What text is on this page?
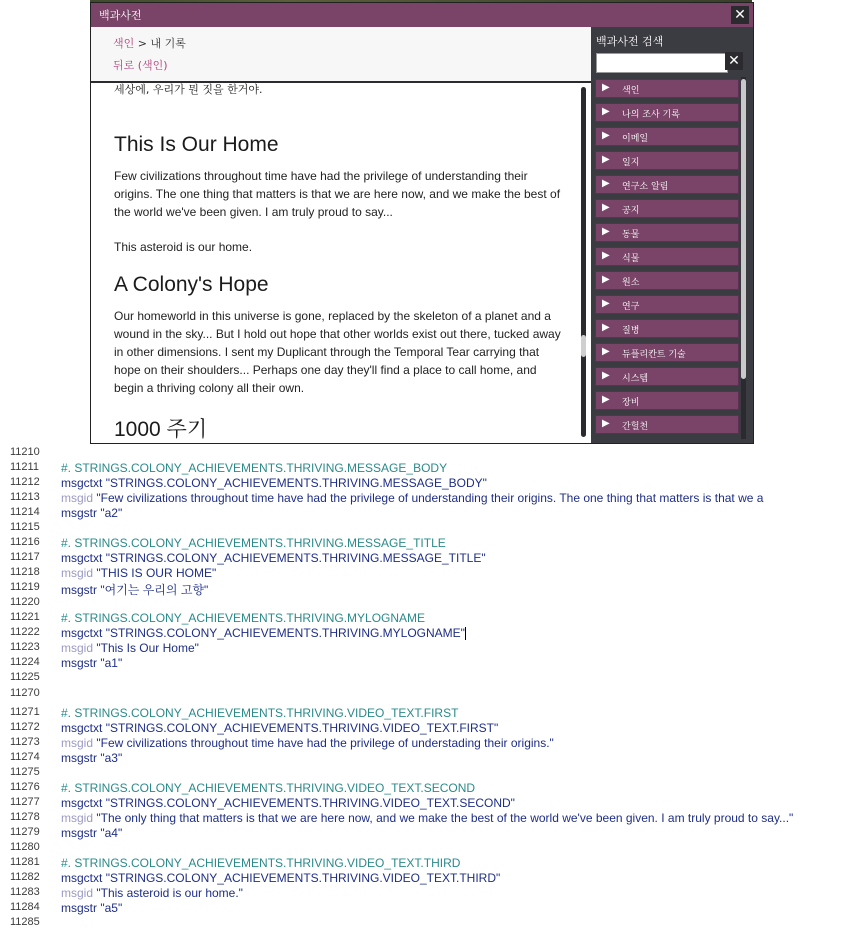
백과사전	✕
색인 > 내 기록
뒤로 (색인)

세상에, 우리가 뭔 짓을 한거야.

This Is Our Home
Few civilizations throughout time have had the privilege of understanding their origins. The one thing that matters is that we are here now, and we make the best of the world we've been given. I am truly proud to say...
This asteroid is our home.
A Colony's Hope
Our homeworld in this universe is gone, replaced by the skeleton of a planet and a wound in the sky... But I hold out hope that other worlds exist out there, tucked away in other dimensions. I sent my Duplicant through the Temporal Tear carrying that hope on their shoulders... Perhaps one day they'll find a place to call home, and begin a thriving colony all their own.
1000 주기
백과사전 검색
✕
▶ 색인
▶ 나의 조사 기록
▶ 이메일
▶ 일지
▶ 연구소 알림
▶ 공지
▶ 동물
▶ 식물
▶ 원소
▶ 연구
▶ 질병
▶ 듀플리칸트 기술
▶ 시스템
▶ 장비
▶ 간헐천
11210
11211	#. STRINGS.COLONY_ACHIEVEMENTS.THRIVING.MESSAGE_BODY
11212	msgctxt "STRINGS.COLONY_ACHIEVEMENTS.THRIVING.MESSAGE_BODY"
11213	msgid "Few civilizations throughout time have had the privilege of understanding their origins. The one thing that matters is that we a
11214	msgstr "a2"
11215
11216	#. STRINGS.COLONY_ACHIEVEMENTS.THRIVING.MESSAGE_TITLE
11217	msgctxt "STRINGS.COLONY_ACHIEVEMENTS.THRIVING.MESSAGE_TITLE"
11218	msgid "THIS IS OUR HOME"
11219	msgstr "여기는 우리의 고향"
11220
11221	#. STRINGS.COLONY_ACHIEVEMENTS.THRIVING.MYLOGNAME
11222	msgctxt "STRINGS.COLONY_ACHIEVEMENTS.THRIVING.MYLOGNAME"
11223	msgid "This Is Our Home"
11224	msgstr "a1"
11225
11270
11271	#. STRINGS.COLONY_ACHIEVEMENTS.THRIVING.VIDEO_TEXT.FIRST
11272	msgctxt "STRINGS.COLONY_ACHIEVEMENTS.THRIVING.VIDEO_TEXT.FIRST"
11273	msgid "Few civilizations throughout time have had the privilege of understading their origins."
11274	msgstr "a3"
11275
11276	#. STRINGS.COLONY_ACHIEVEMENTS.THRIVING.VIDEO_TEXT.SECOND
11277	msgctxt "STRINGS.COLONY_ACHIEVEMENTS.THRIVING.VIDEO_TEXT.SECOND"
11278	msgid "The only thing that matters is that we are here now, and we make the best of the world we've been given. I am truly proud to say..."
11279	msgstr "a4"
11280
11281	#. STRINGS.COLONY_ACHIEVEMENTS.THRIVING.VIDEO_TEXT.THIRD
11282	msgctxt "STRINGS.COLONY_ACHIEVEMENTS.THRIVING.VIDEO_TEXT.THIRD"
11283	msgid "This asteroid is our home."
11284	msgstr "a5"
11285
